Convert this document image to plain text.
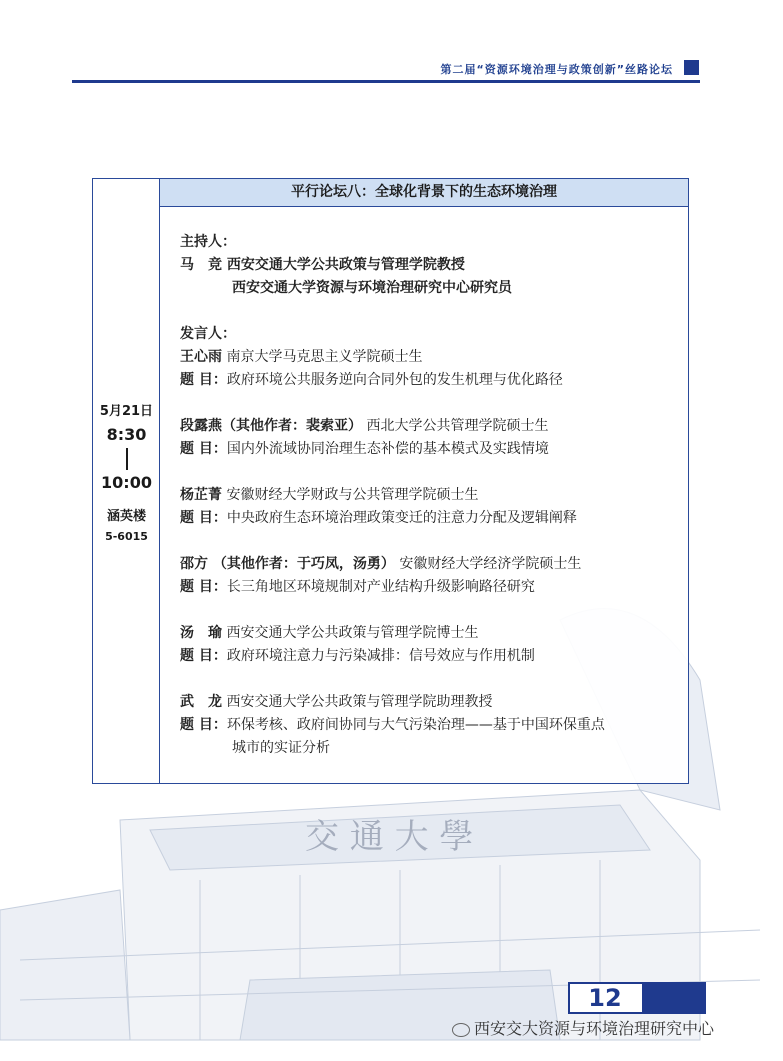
第二届“资源环境治理与政策创新”丝路论坛
交 通 大 學
5月21日
8:30
10:00
涵英楼
5-6015
平行论坛八：全球化背景下的生态环境治理
主持人：
马　竞 西安交通大学公共政策与管理学院教授
西安交通大学资源与环境治理研究中心研究员
发言人：
王心雨 南京大学马克思主义学院硕士生
题 目：政府环境公共服务逆向合同外包的发生机理与优化路径
段露燕（其他作者：裴索亚） 西北大学公共管理学院硕士生
题 目：国内外流域协同治理生态补偿的基本模式及实践情境
杨芷菁 安徽财经大学财政与公共管理学院硕士生
题 目：中央政府生态环境治理政策变迁的注意力分配及逻辑阐释
邵方 （其他作者：于巧凤，汤勇） 安徽财经大学经济学院硕士生
题 目：长三角地区环境规制对产业结构升级影响路径研究
汤　瑜 西安交通大学公共政策与管理学院博士生
题 目：政府环境注意力与污染减排：信号效应与作用机制
武　龙 西安交通大学公共政策与管理学院助理教授
题 目：环保考核、政府间协同与大气污染治理——基于中国环保重点
城市的实证分析
12
西安交大资源与环境治理研究中心
